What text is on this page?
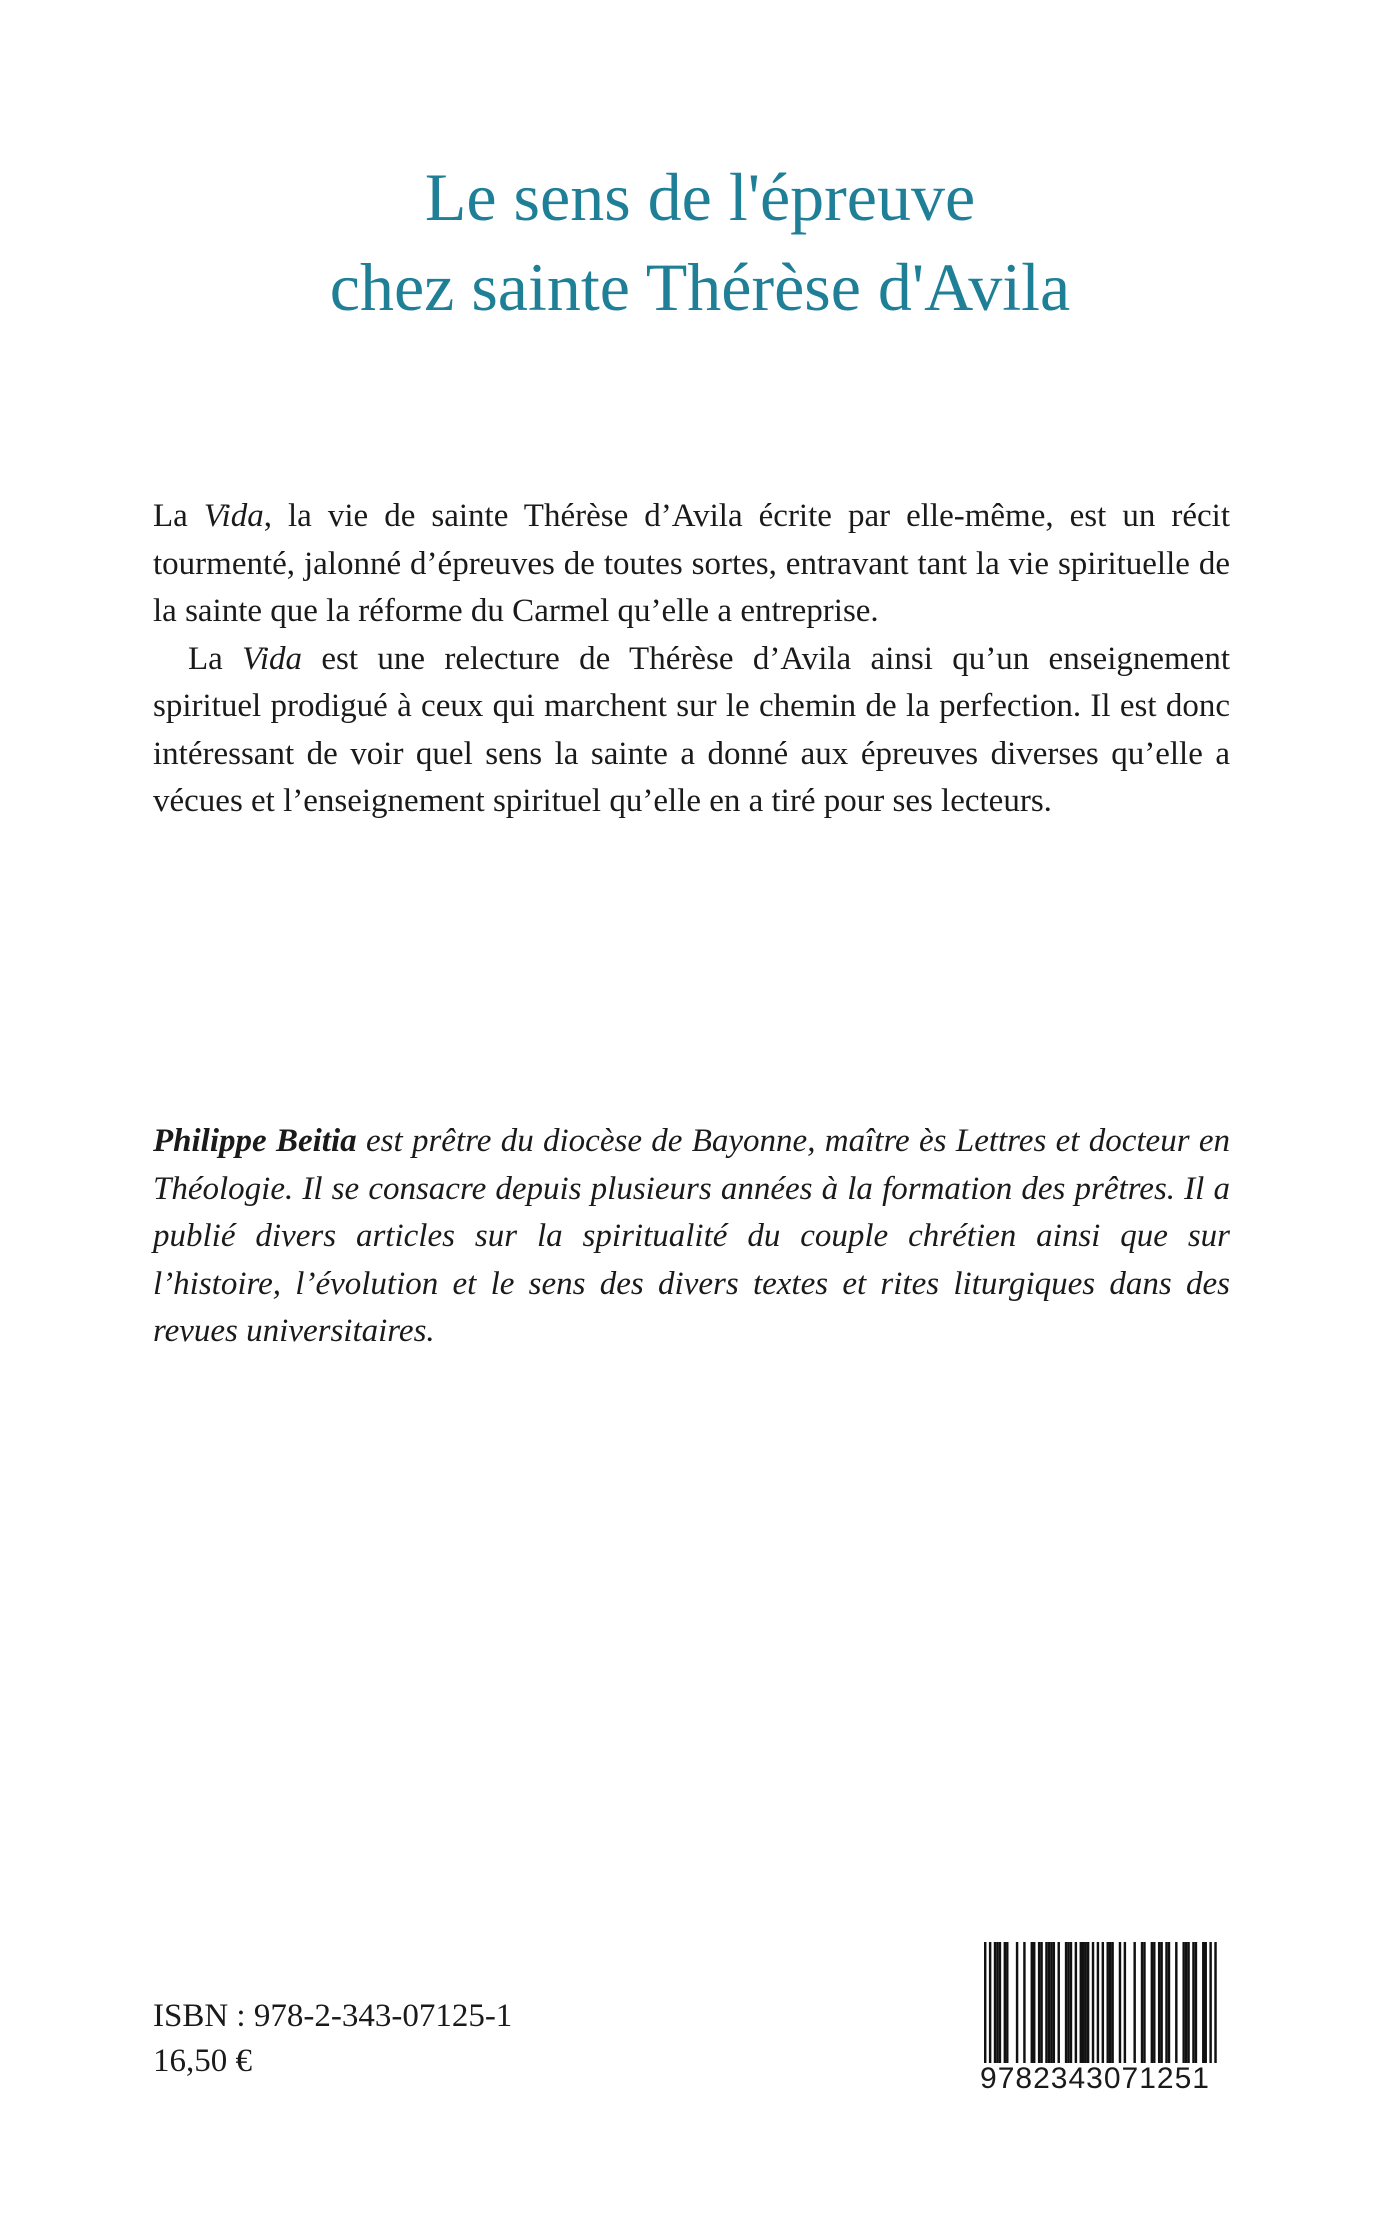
Le sens de l'épreuve
chez sainte Thérèse d'Avila

La Vida, la vie de sainte Thérèse d’Avila écrite par elle-même, est un récit tourmenté, jalonné d’épreuves de toutes sortes, entravant tant la vie spirituelle de la sainte que la réforme du Carmel qu’elle a entreprise.

La Vida est une relecture de Thérèse d’Avila ainsi qu’un enseignement spirituel prodigué à ceux qui marchent sur le chemin de la perfection. Il est donc intéressant de voir quel sens la sainte a donné aux épreuves diverses qu’elle a vécues et l’enseignement spirituel qu’elle en a tiré pour ses lecteurs.

Philippe Beitia est prêtre du diocèse de Bayonne, maître ès Lettres et docteur en Théologie. Il se consacre depuis plusieurs années à la formation des prêtres. Il a publié divers articles sur la spiritualité du couple chrétien ainsi que sur l’histoire, l’évolution et le sens des divers textes et rites liturgiques dans des revues universitaires.

ISBN : 978-2-343-07125-1

16,50 €	9782343071251
